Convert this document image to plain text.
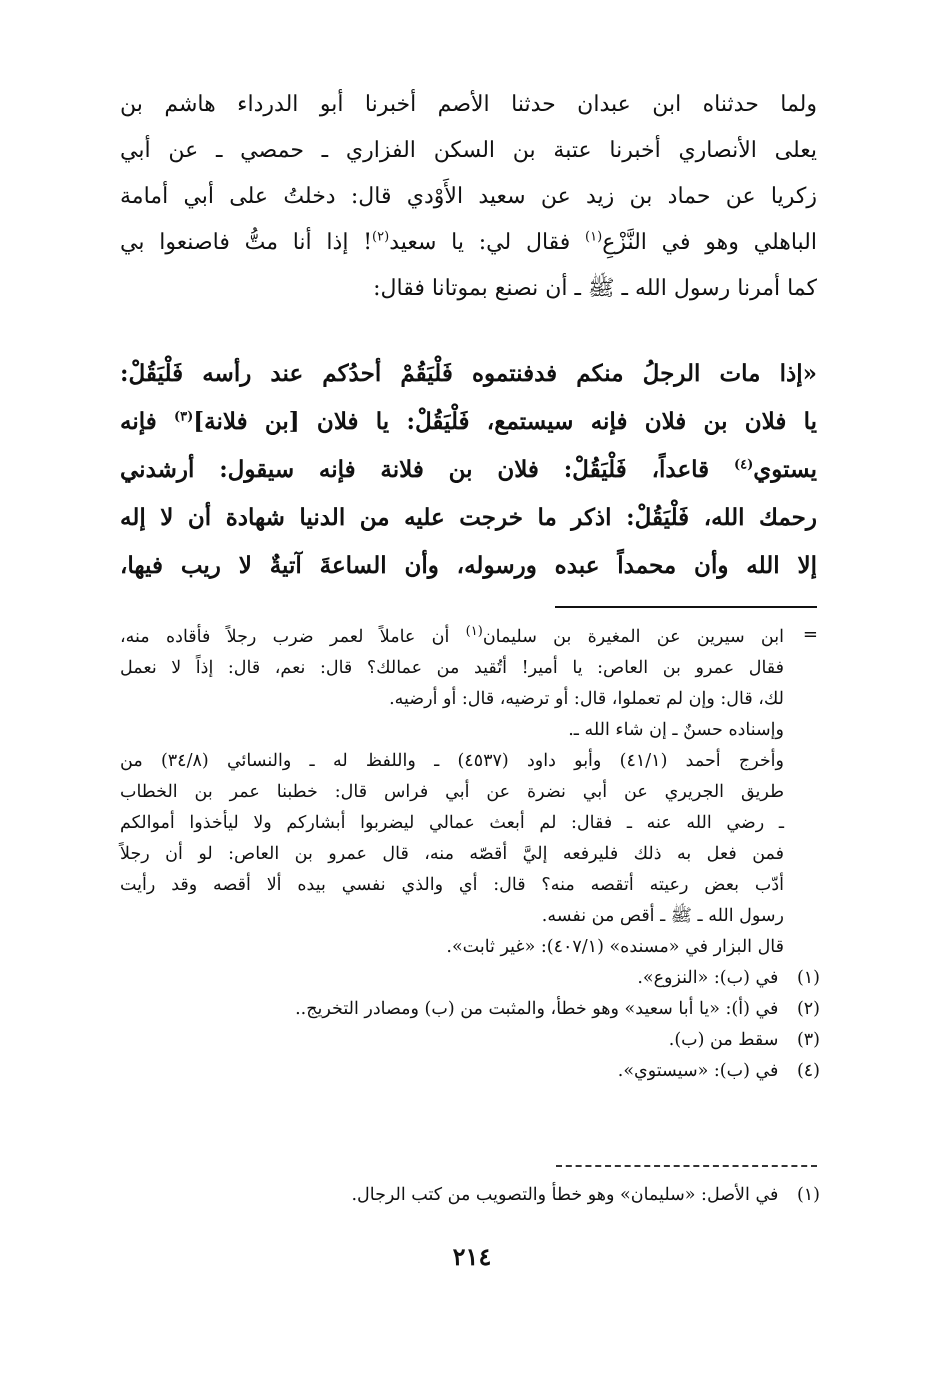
ولما حدثناه ابن عبدان حدثنا الأصم أخبرنا أبو الدرداء هاشم بن
يعلى الأنصاري أخبرنا عتبة بن السكن الفزاري ـ حمصي ـ عن أبي
زكريا عن حماد بن زيد عن سعيد الأَوْدي قال: دخلتُ على أبي أمامة
الباهلي وهو في النَّزْعِ$^{(١)}$ فقال لي: يا سعيد$^{(٢)}$! إذا أنا متُّ فاصنعوا بي
كما أمرنا رسول الله ـ ﷺ ـ أن نصنع بموتانا فقال:
«إذا مات الرجلُ منكم فدفنتموه فَلْيَقُمْ أحدُكم عند رأسه فَلْيَقُلْ:
يا فلان بن فلان فإنه سيستمع، فَلْيَقُلْ: يا فلان [بن فلانة]$^{(٣)}$ فإنه
يستوي$^{(٤)}$ قاعداً، فَلْيَقُلْ: فلان بن فلانة فإنه سيقول: أرشدني
رحمك الله، فَلْيَقُلْ: اذكر ما خرجت عليه من الدنيا شهادة أن لا إله
إلا الله وأن محمداً عبده ورسوله، وأن الساعةَ آتيةٌ لا ريب فيها،
=
ابن سيرين عن المغيرة بن سليمان$^{(١)}$ أن عاملاً لعمر ضرب رجلاً فأقاده منه،
فقال عمرو بن العاص: يا أمير! أتُقيد من عمالك؟ قال: نعم، قال: إذاً لا نعمل
لك، قال: وإن لم تعملوا، قال: أو ترضيه، قال: أو أرضيه.
وإسناده حسنٌ ـ إن شاء الله ـ.
وأخرج أحمد (٤١/١) وأبو داود (٤٥٣٧) ـ واللفظ له ـ والنسائي (٣٤/٨) من
طريق الجريري عن أبي نضرة عن أبي فراس قال: خطبنا عمر بن الخطاب
ـ رضي الله عنه ـ فقال: لم أبعث عمالي ليضربوا أبشاركم ولا ليأخذوا أموالكم
فمن فعل به ذلك فليرفعه إليَّ أقصّه منه، قال عمرو بن العاص: لو أن رجلاً
أدّب بعض رعيته أتقصه منه؟ قال: أي والذي نفسي بيده ألا أقصه وقد رأيت
رسول الله ـ ﷺ ـ أقص من نفسه.
قال البزار في «مسنده» (٤٠٧/١): «غير ثابت».
(١) في (ب): «النزوع».
(٢) في (أ): «يا أبا سعيد» وهو خطأ، والمثبت من (ب) ومصادر التخريج..
(٣) سقط من (ب).
(٤) في (ب): «سيستوي».
(١) في الأصل: «سليمان» وهو خطأ والتصويب من كتب الرجال.
٢١٤
